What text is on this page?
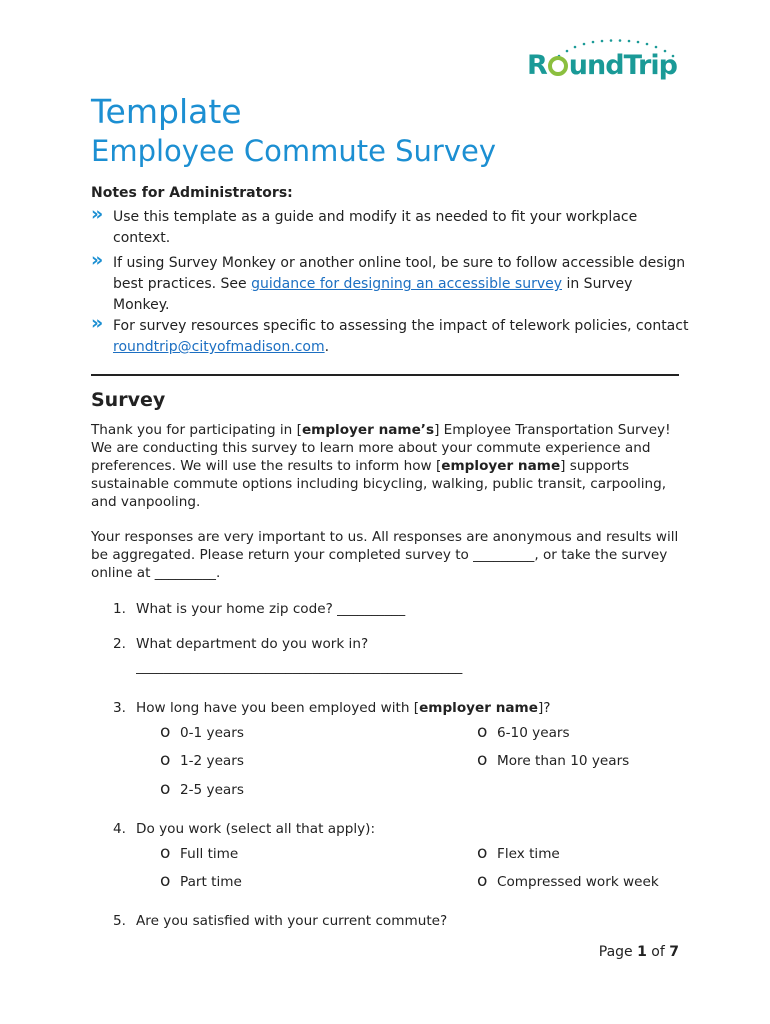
R undTrip
Template
Employee Commute Survey
Notes for Administrators:
» Use this template as a guide and modify it as needed to fit your workplace context.
» If using Survey Monkey or another online tool, be sure to follow accessible design best practices. See guidance for designing an accessible survey in Survey Monkey.
» For survey resources specific to assessing the impact of telework policies, contact roundtrip@cityofmadison.com.
Survey
Thank you for participating in [employer name’s] Employee Transportation Survey! We are conducting this survey to learn more about your commute experience and preferences. We will use the results to inform how [employer name] supports sustainable commute options including bicycling, walking, public transit, carpooling, and vanpooling.
Your responses are very important to us. All responses are anonymous and results will be aggregated. Please return your completed survey to _________, or take the survey online at _________.
1. What is your home zip code? __________
2. What department do you work in?
________________________________________________
3. How long have you been employed with [employer name]?
o 0-1 years
o 1-2 years
o 2-5 years
o 6-10 years
o More than 10 years
4. Do you work (select all that apply):
o Full time
o Part time
o Flex time
o Compressed work week
5. Are you satisfied with your current commute?
Page 1 of 7
